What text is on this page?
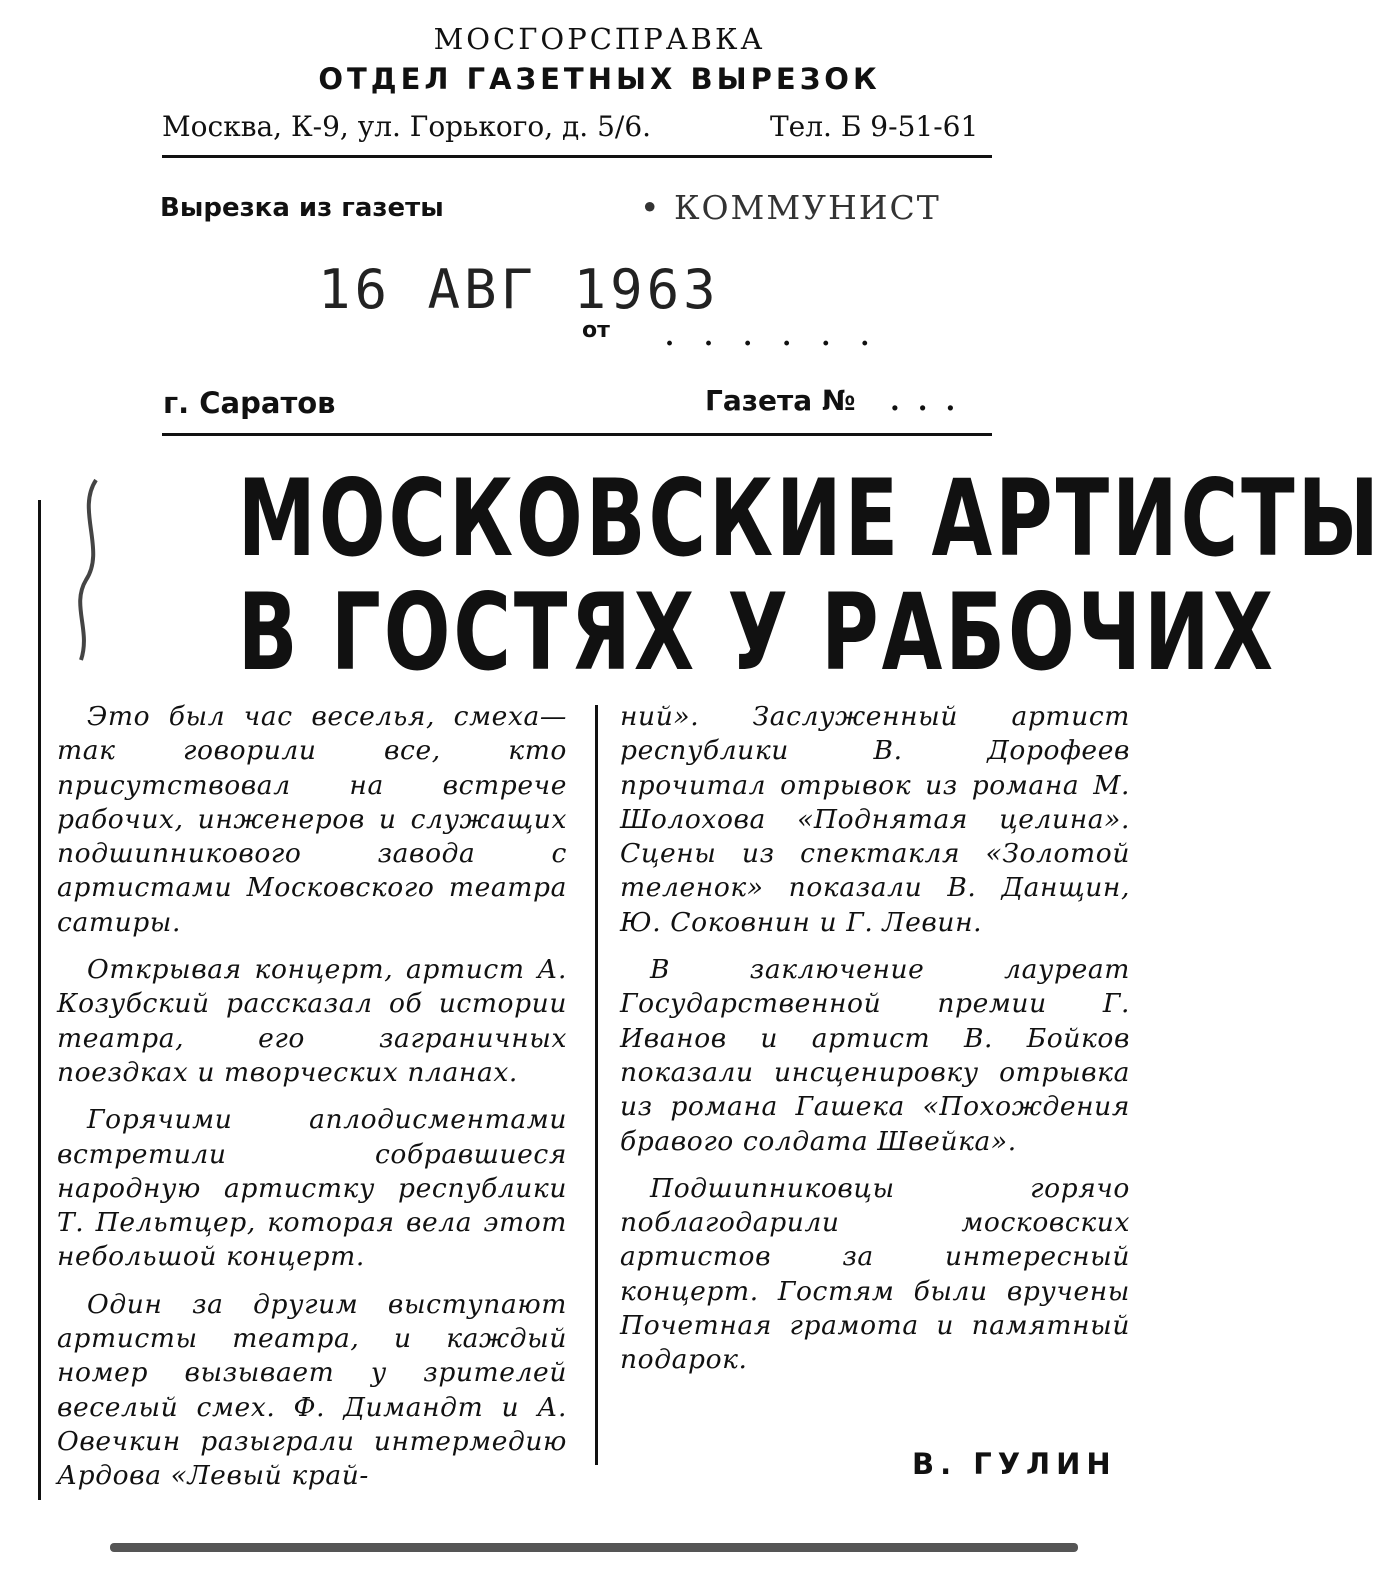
МОСГОРСПРАВКА
ОТДЕЛ ГАЗЕТНЫХ ВЫРЕЗОК
Москва, К-9, ул. Горького, д. 5/6.	Тел. Б 9-51-61
Вырезка из газеты	• КОММУНИСТ
16 АВГ 1963
от ......
г. Саратов	Газета № ...
МОСКОВСКИЕ АРТИСТЫ
В ГОСТЯХ У РАБОЧИХ

Это был час веселья, смеха— так говорили все, кто присутствовал на встрече рабочих, инженеров и служащих подшипникового завода с артистами Московского театра сатиры.

Открывая концерт, артист А. Козубский рассказал об истории театра, его заграничных поездках и творческих планах.

Горячими аплодисментами встретили собравшиеся народную артистку республики Т. Пельтцер, которая вела этот небольшой концерт.

Один за другим выступают артисты театра, и каждый номер вызывает у зрителей веселый смех. Ф. Димандт и А. Овечкин разыграли интермедию Ардова «Левый край-

ний». Заслуженный артист республики В. Дорофеев прочитал отрывок из романа М. Шолохова «Поднятая целина». Сцены из спектакля «Золотой теленок» показали В. Данщин, Ю. Соковнин и Г. Левин.

В заключение лауреат Государственной премии Г. Иванов и артист В. Бойков показали инсценировку отрывка из романа Гашека «Похождения бравого солдата Швейка».

Подшипниковцы горячо поблагодарили московских артистов за интересный концерт. Гостям были вручены Почетная грамота и памятный подарок.

В. ГУЛИН
